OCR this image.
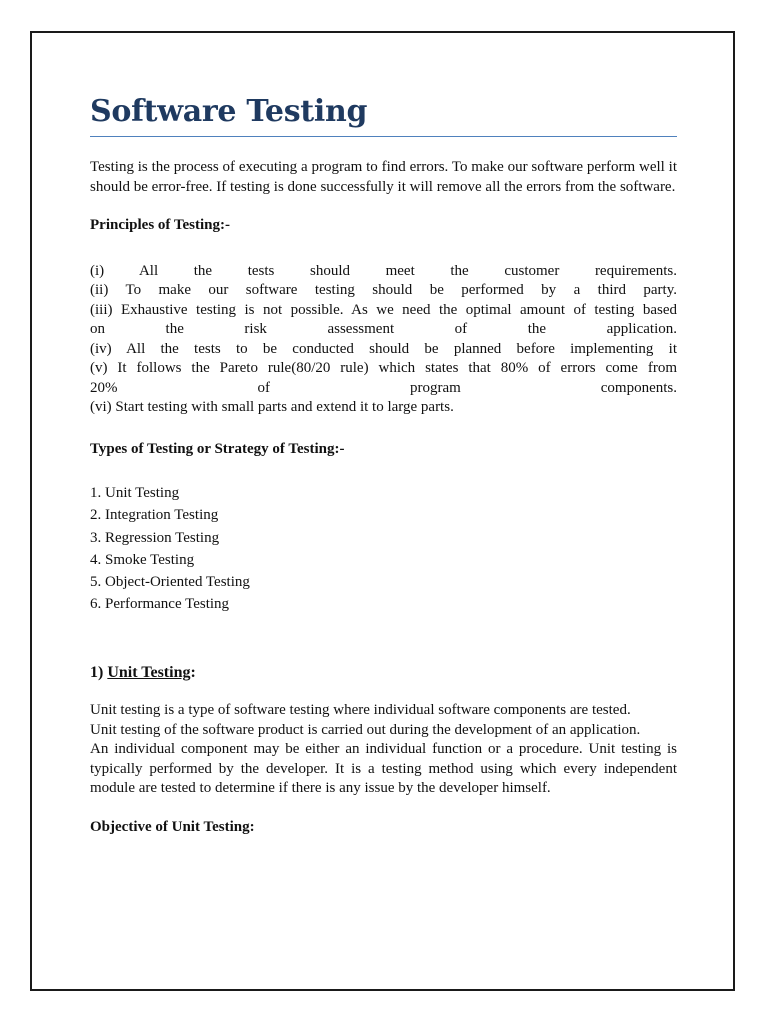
Software Testing

Testing is the process of executing a program to find errors. To make our software perform well it should be error-free. If testing is done successfully it will remove all the errors from the software.

Principles of Testing:-

(i) All the tests should meet the customer requirements.
(ii) To make our software testing should be performed by a third party.
(iii) Exhaustive testing is not possible. As we need the optimal amount of testing based
on the risk assessment of the application.
(iv) All the tests to be conducted should be planned before implementing it
(v) It follows the Pareto rule(80/20 rule) which states that 80% of errors come from
20% of program components.
(vi) Start testing with small parts and extend it to large parts.

Types of Testing or Strategy of Testing:-

1. Unit Testing
2. Integration Testing
3. Regression Testing
4. Smoke Testing
5. Object-Oriented Testing
6. Performance Testing

1) Unit Testing:

Unit testing is a type of software testing where individual software components are tested.

Unit testing of the software product is carried out during the development of an application.

An individual component may be either an individual function or a procedure. Unit testing is typically performed by the developer. It is a testing method using which every independent module are tested to determine if there is any issue by the developer himself.

Objective of Unit Testing:
